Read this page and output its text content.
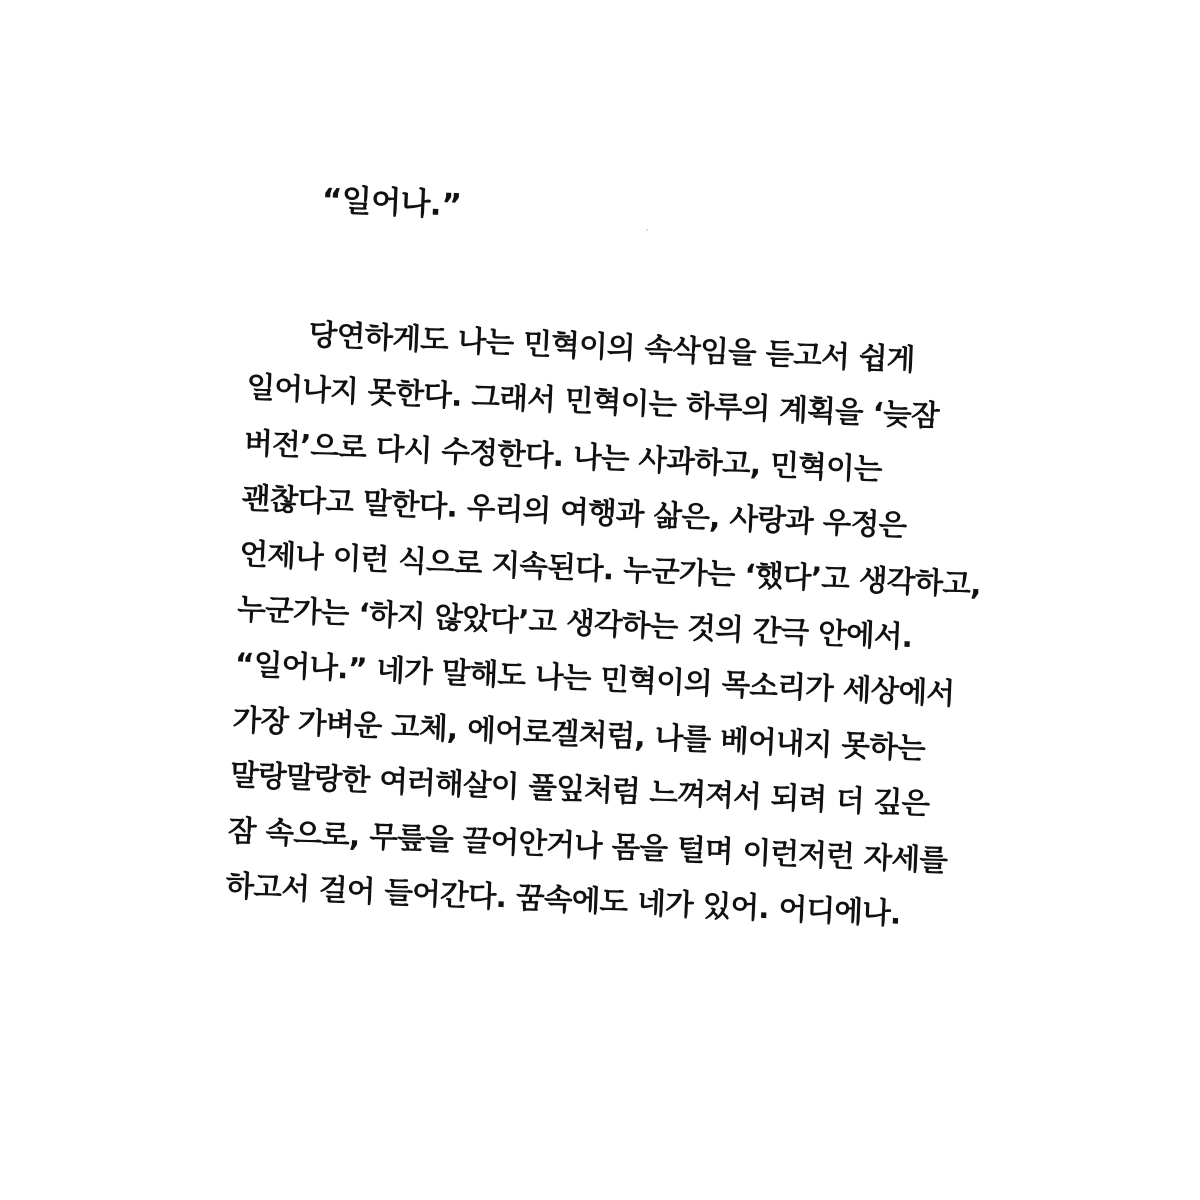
“일어나.”
당연하게도 나는 민혁이의 속삭임을 듣고서 쉽게
일어나지 못한다. 그래서 민혁이는 하루의 계획을 ‘늦잠
버전’으로 다시 수정한다. 나는 사과하고, 민혁이는
괜찮다고 말한다. 우리의 여행과 삶은, 사랑과 우정은
언제나 이런 식으로 지속된다. 누군가는 ‘했다’고 생각하고,
누군가는 ‘하지 않았다’고 생각하는 것의 간극 안에서.
“일어나.” 네가 말해도 나는 민혁이의 목소리가 세상에서
가장 가벼운 고체, 에어로겔처럼, 나를 베어내지 못하는
말랑말랑한 여러해살이 풀잎처럼 느껴져서 되려 더 깊은
잠 속으로, 무릎을 끌어안거나 몸을 털며 이런저런 자세를
하고서 걸어 들어간다. 꿈속에도 네가 있어. 어디에나.
